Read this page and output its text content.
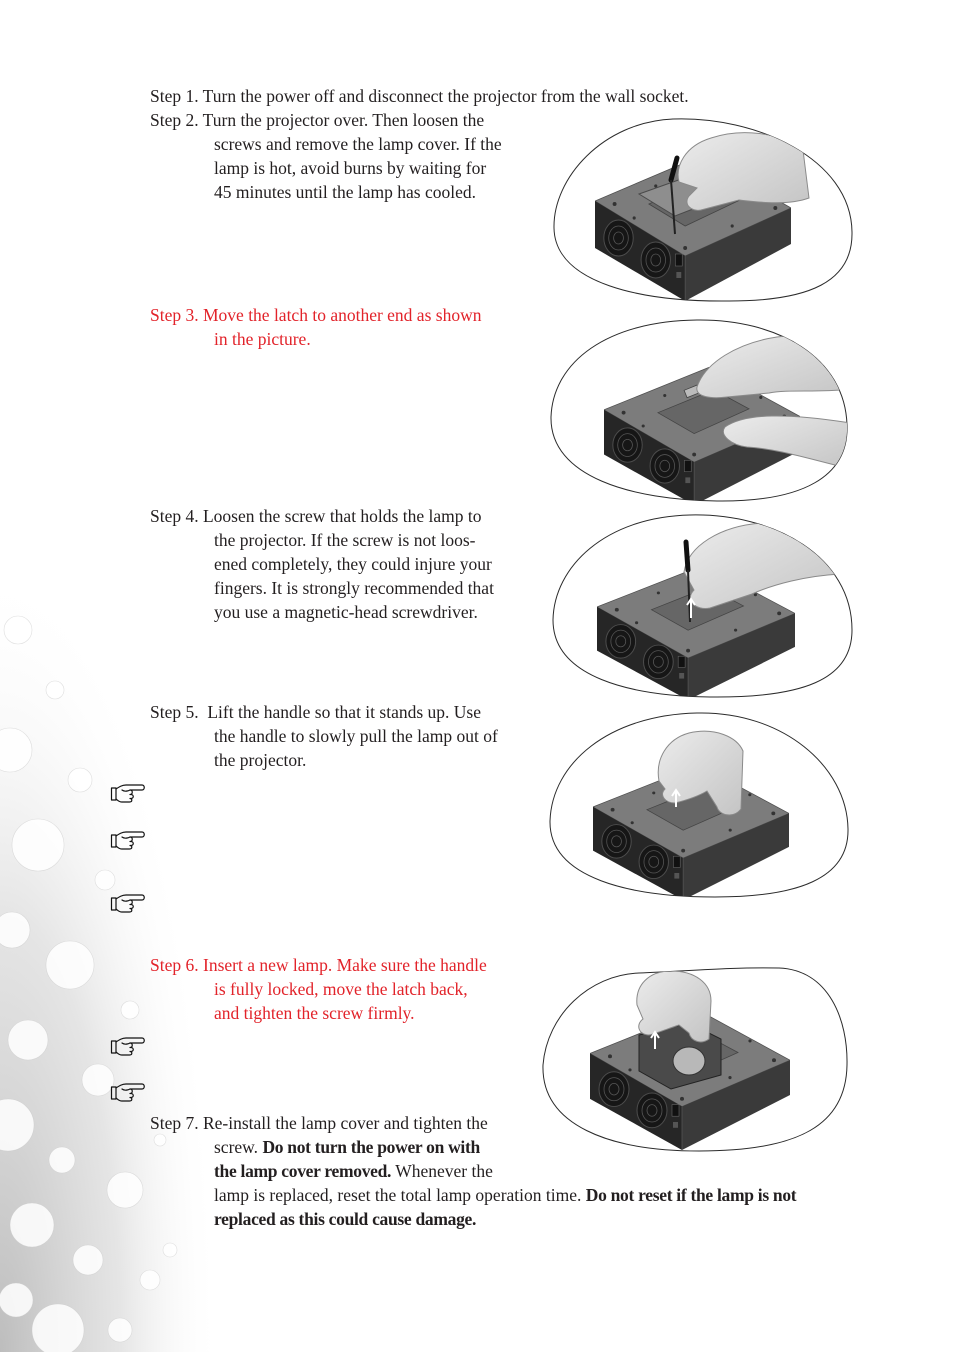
Step 1. Turn the power off and disconnect the projector from the wall socket.
Step 2. Turn the projector over. Then loosen the
screws and remove the lamp cover. If the
lamp is hot, avoid burns by waiting for
45 minutes until the lamp has cooled.
Step 3. Move the latch to another end as shown
in the picture.
Step 4. Loosen the screw that holds the lamp to
the projector. If the screw is not loos-
ened completely, they could injure your
fingers. It is strongly recommended that
you use a magnetic-head screwdriver.
Step 5.  Lift the handle so that it stands up. Use
the handle to slowly pull the lamp out of
the projector.
Step 6. Insert a new lamp. Make sure the handle
is fully locked, move the latch back,
and tighten the screw firmly.
Step 7. Re-install the lamp cover and tighten the
screw. Do not turn the power on with
the lamp cover removed. Whenever the
lamp is replaced, reset the total lamp operation time. Do not reset if the lamp is not
replaced as this could cause damage.
